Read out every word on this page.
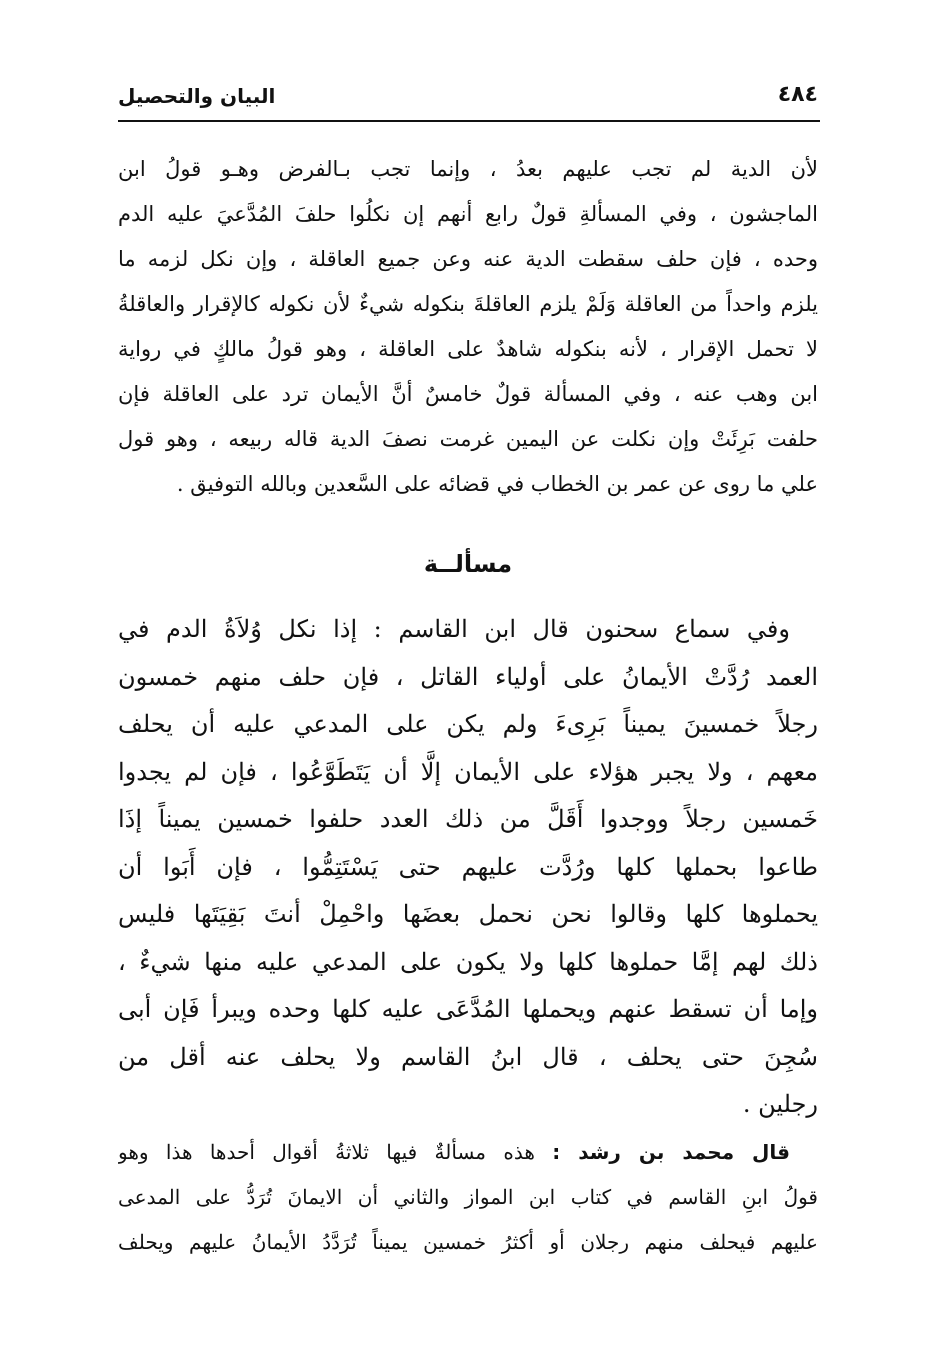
٤٨٤
البيان والتحصيل
لأن الدية لم تجب عليهم بعدُ ، وإنما تجب بـالفرض وهـو قولُ ابن
الماجشون ، وفي المسألةِ قولٌ رابع أنهم إن نكلُوا حلفَ المُدَّعيَ عليه الدم
وحده ، فإن حلف سقطت الدية عنه وعن جميع العاقلة ، وإن نكل لزمه ما
يلزم واحداً من العاقلة وَلَمْ يلزم العاقلةَ بنكوله شيءٌ لأن نكوله كالإقرار والعاقلةُ
لا تحمل الإقرار ، لأنه بنكوله شاهدٌ على العاقلة ، وهو قولُ مالكٍ في رواية
ابن وهب عنه ، وفي المسألة قولٌ خامسٌ أنَّ الأيمان ترد على العاقلة فإن
حلفت بَرِئَتْ وإن نكلت عن اليمين غرمت نصفَ الدية قاله ربيعه ، وهو قول
علي ما روى عن عمر بن الخطاب في قضائه على السَّعدين وبالله التوفيق .
مسألــة
وفي سماع سحنون قال ابن القاسم : إذا نكل وُلاَةُ الدم في
العمد رُدَّتْ الأيمانُ على أولياء القاتل ، فإن حلف منهم خمسون
رجلاً خمسينَ يميناً بَرِىءَ ولم يكن على المدعي عليه أن يحلف
معهم ، ولا يجبر هؤلاء على الأيمان إلَّا أن يَتَطَوَّعُوا ، فإن لم يجدوا
خَمسين رجلاً ووجدوا أَقَلَّ من ذلك العدد حلفوا خمسين يميناً إذَا
طاعوا بحملها كلها ورُدَّت عليهم حتى يَسْتَتِمُّوا ، فإن أَبَوا أن
يحملوها كلها وقالوا نحن نحمل بعضَها واحْمِلْ أنتَ بَقِيَتَها فليس
ذلك لهم إمَّا حملوها كلها ولا يكون على المدعي عليه منها شيءٌ ،
وإما أن تسقط عنهم ويحملها المُدَّعَى عليه كلها وحده ويبرأ فَإن أبى
سُجِنَ حتى يحلف ، قال ابنُ القاسم ولا يحلف عنه أقل من
رجلين .
قال محمد بن رشد : هذه مسألةٌ فيها ثلاثةُ أقوال أحدها هذا وهو
قولُ ابنِ القاسم في كتاب ابن المواز والثاني أن الايمانَ تُرَدُّ على المدعى
عليهم فيحلف منهم رجلان أو أكثرُ خمسين يميناً تُرَدَّدُ الأيمانُ عليهم ويحلف
